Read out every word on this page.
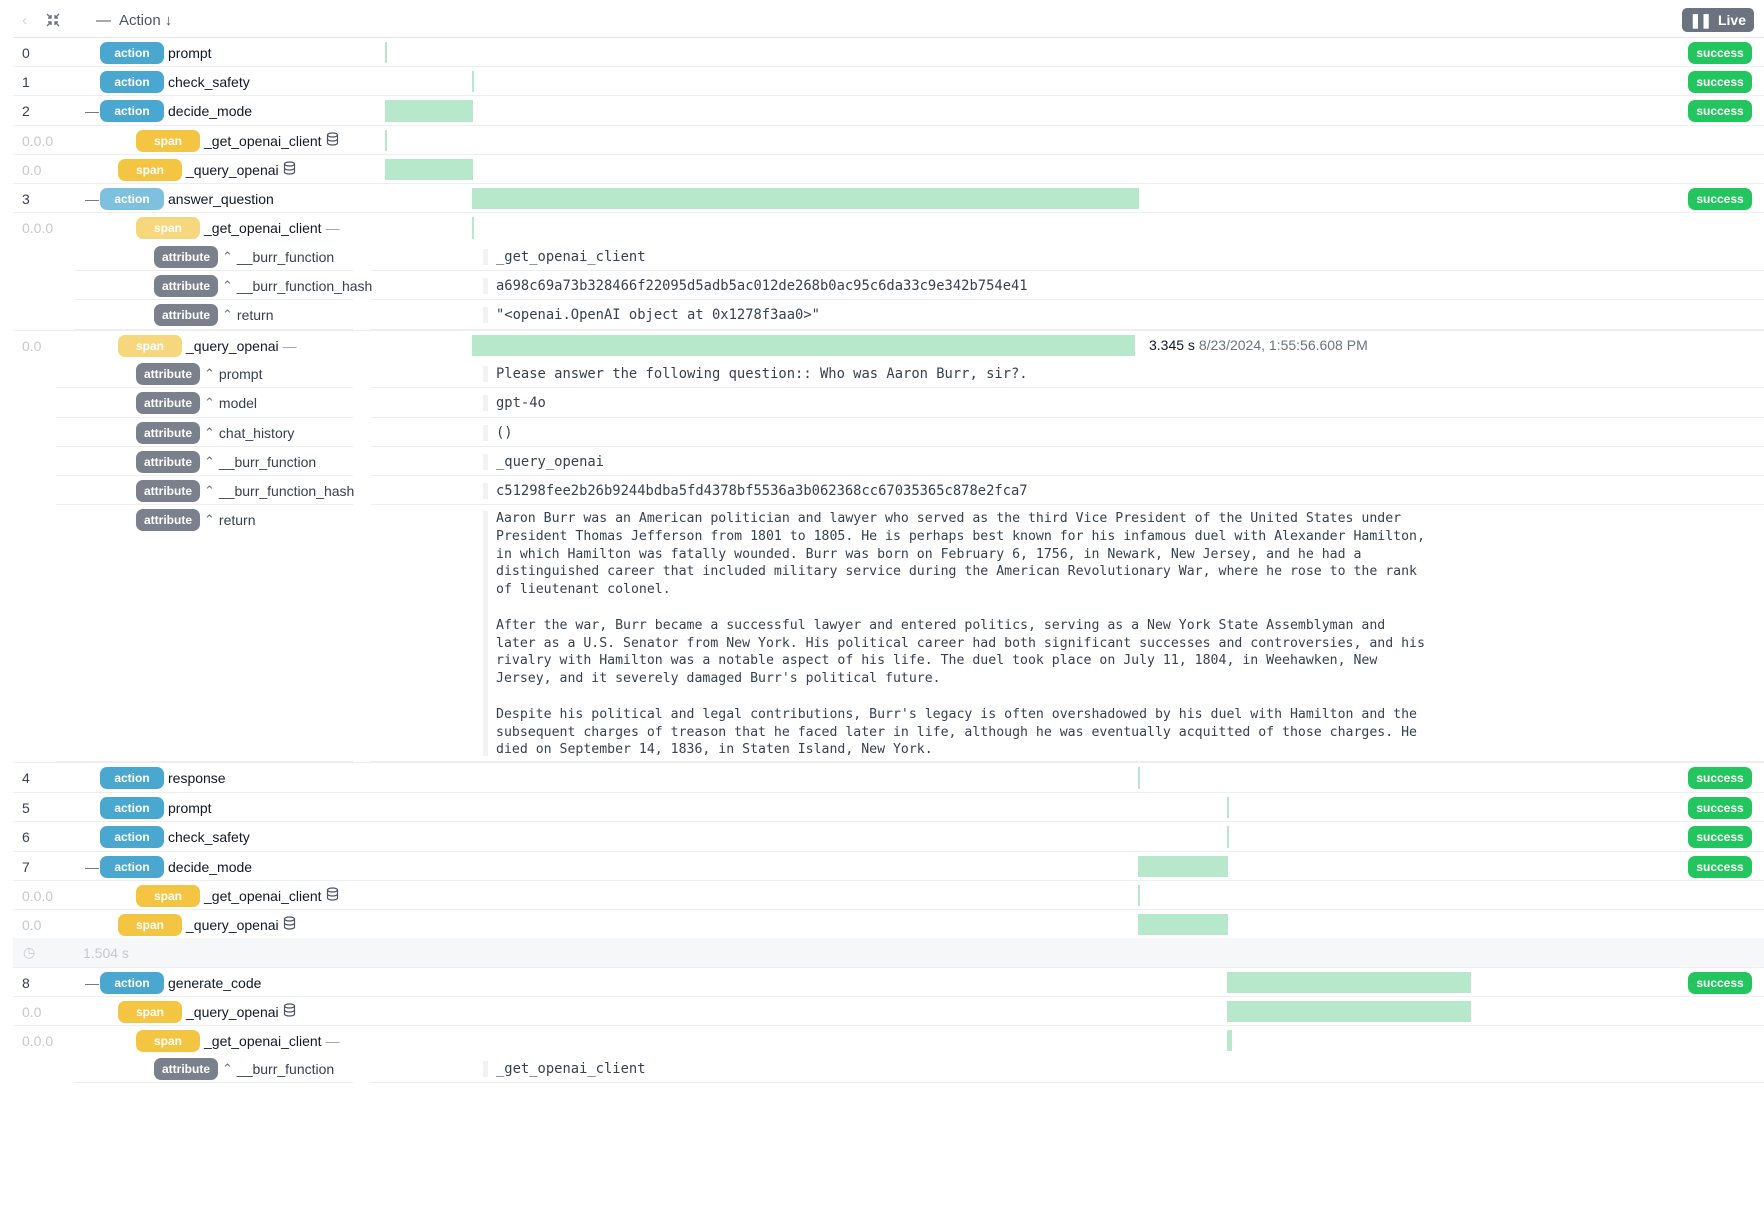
‹	— Action ↓	❚❚ Live
0	action	prompt	success
1	action	check_safety	success
2	—	action	decide_mode	success
0.0.0	span	_get_openai_client
0.0	span	_query_openai
3	—	action	answer_question	success
0.0.0	span	_get_openai_client —
attribute ⌃ __burr_function	_get_openai_client
attribute ⌃ __burr_function_hash	a698c69a73b328466f22095d5adb5ac012de268b0ac95c6da33c9e342b754e41
attribute ⌃ return	"<openai.OpenAI object at 0x1278f3aa0>"
0.0	span	_query_openai —	3.345 s 8/23/2024, 1:55:56.608 PM
attribute ⌃ prompt	Please answer the following question:: Who was Aaron Burr, sir?.
attribute ⌃ model	gpt-4o
attribute ⌃ chat_history	()
attribute ⌃ __burr_function	_query_openai
attribute ⌃ __burr_function_hash	c51298fee2b26b9244bdba5fd4378bf5536a3b062368cc67035365c878e2fca7
attribute ⌃ return	Aaron Burr was an American politician and lawyer who served as the third Vice President of the United States under
President Thomas Jefferson from 1801 to 1805. He is perhaps best known for his infamous duel with Alexander Hamilton,
in which Hamilton was fatally wounded. Burr was born on February 6, 1756, in Newark, New Jersey, and he had a
distinguished career that included military service during the American Revolutionary War, where he rose to the rank
of lieutenant colonel.

After the war, Burr became a successful lawyer and entered politics, serving as a New York State Assemblyman and
later as a U.S. Senator from New York. His political career had both significant successes and controversies, and his
rivalry with Hamilton was a notable aspect of his life. The duel took place on July 11, 1804, in Weehawken, New
Jersey, and it severely damaged Burr's political future.

Despite his political and legal contributions, Burr's legacy is often overshadowed by his duel with Hamilton and the
subsequent charges of treason that he faced later in life, although he was eventually acquitted of those charges. He
died on September 14, 1836, in Staten Island, New York.
4	action	response	success
5	action	prompt	success
6	action	check_safety	success
7	—	action	decide_mode	success
0.0.0	span	_get_openai_client
0.0	span	_query_openai
◷	1.504 s
8	—	action	generate_code	success
0.0	span	_query_openai
0.0.0	span	_get_openai_client —
attribute ⌃ __burr_function	_get_openai_client
